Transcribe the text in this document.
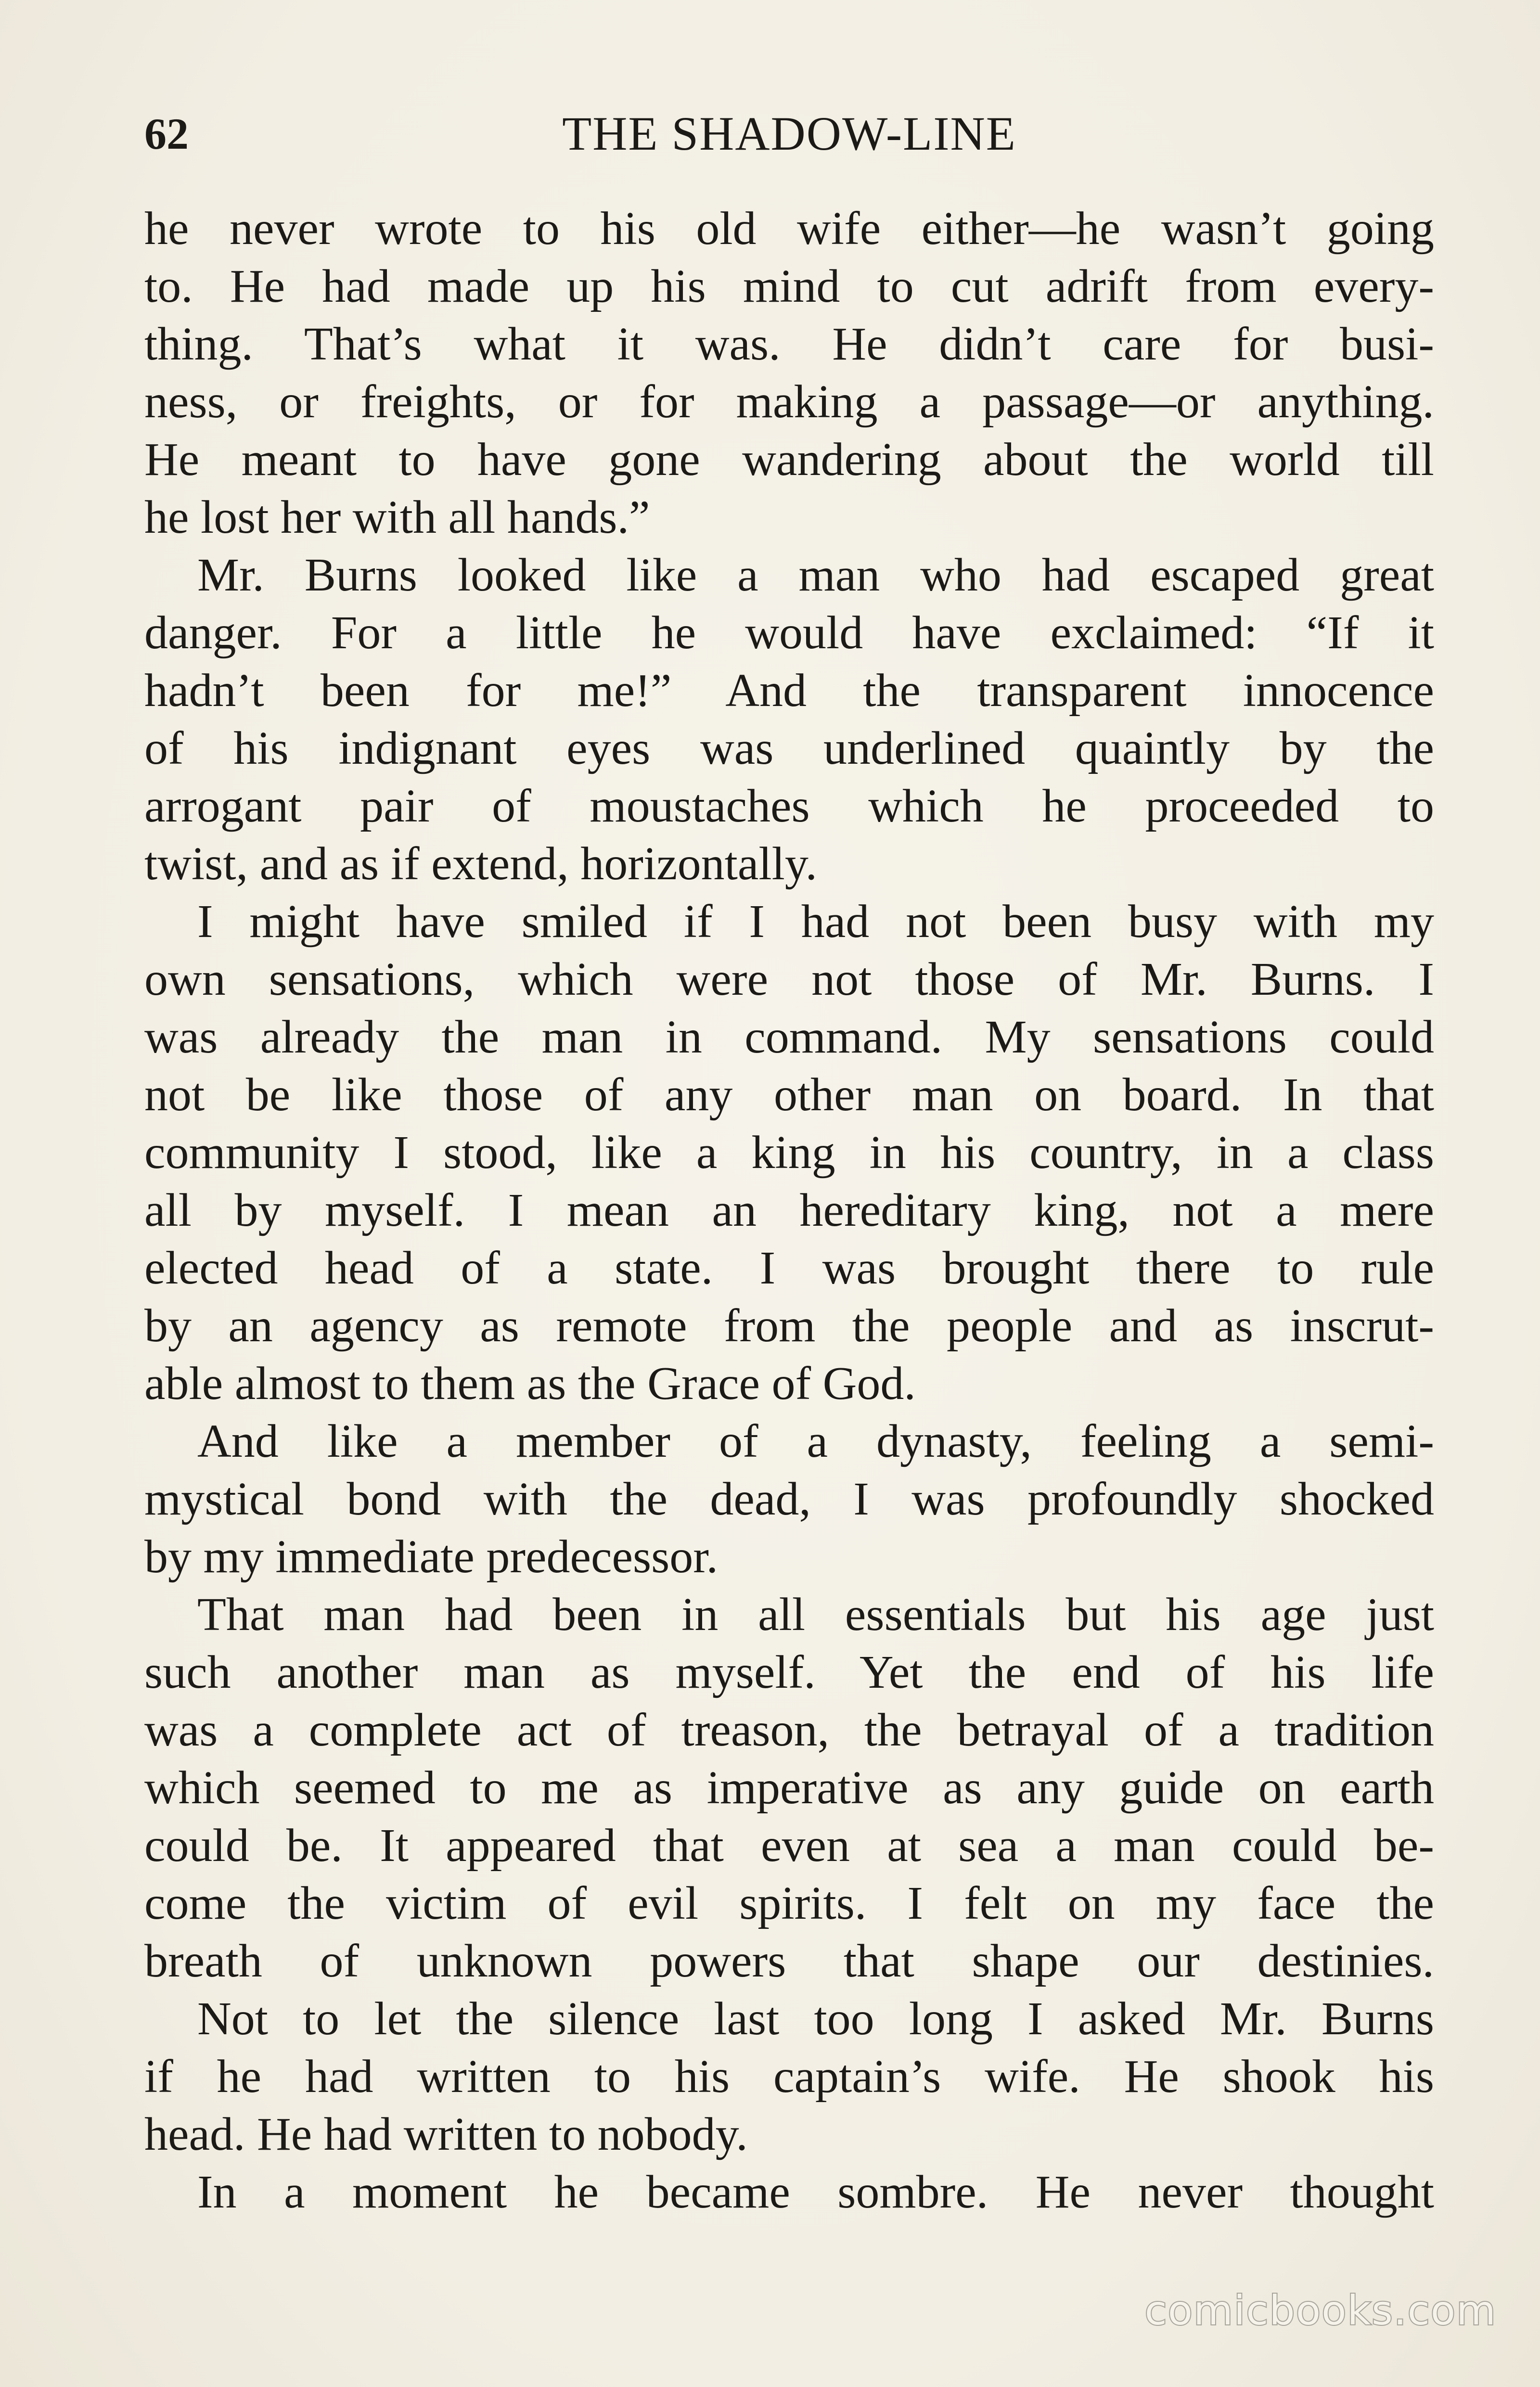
62	THE SHADOW-LINE
he never wrote to his old wife either—he wasn’t going
to. He had made up his mind to cut adrift from every-
thing. That’s what it was. He didn’t care for busi-
ness, or freights, or for making a passage—or anything.
He meant to have gone wandering about the world till
he lost her with all hands.”
Mr. Burns looked like a man who had escaped great
danger. For a little he would have exclaimed: “If it
hadn’t been for me!” And the transparent innocence
of his indignant eyes was underlined quaintly by the
arrogant pair of moustaches which he proceeded to
twist, and as if extend, horizontally.
I might have smiled if I had not been busy with my
own sensations, which were not those of Mr. Burns. I
was already the man in command. My sensations could
not be like those of any other man on board. In that
community I stood, like a king in his country, in a class
all by myself. I mean an hereditary king, not a mere
elected head of a state. I was brought there to rule
by an agency as remote from the people and as inscrut-
able almost to them as the Grace of God.
And like a member of a dynasty, feeling a semi-
mystical bond with the dead, I was profoundly shocked
by my immediate predecessor.
That man had been in all essentials but his age just
such another man as myself. Yet the end of his life
was a complete act of treason, the betrayal of a tradition
which seemed to me as imperative as any guide on earth
could be. It appeared that even at sea a man could be-
come the victim of evil spirits. I felt on my face the
breath of unknown powers that shape our destinies.
Not to let the silence last too long I asked Mr. Burns
if he had written to his captain’s wife. He shook his
head. He had written to nobody.
In a moment he became sombre. He never thought
comicbooks.com
